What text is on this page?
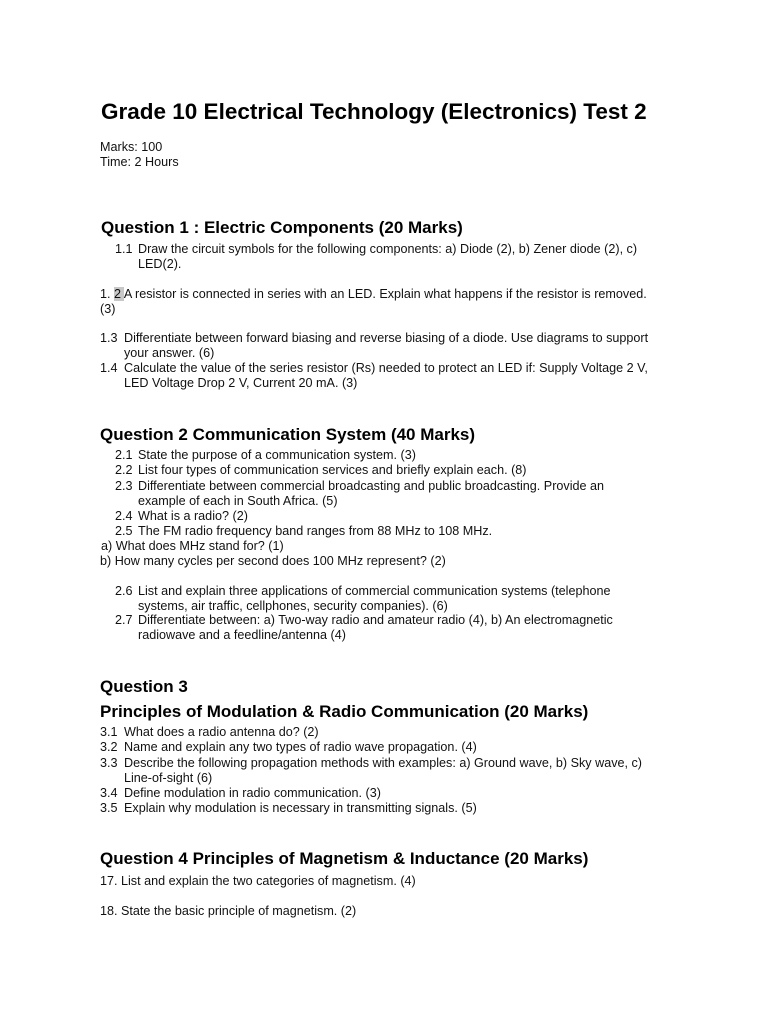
Grade 10 Electrical Technology (Electronics) Test 2
Marks: 100
Time: 2 Hours
Question 1 : Electric Components (20 Marks)
1.1 Draw the circuit symbols for the following components: a) Diode (2), b) Zener diode (2), c)
LED(2).
1. 2 A resistor is connected in series with an LED. Explain what happens if the resistor is removed.
(3)
1.3 Differentiate between forward biasing and reverse biasing of a diode. Use diagrams to support
your answer. (6)
1.4 Calculate the value of the series resistor (Rs) needed to protect an LED if: Supply Voltage 2 V,
LED Voltage Drop 2 V, Current 20 mA. (3)
Question 2 Communication System (40 Marks)
2.1 State the purpose of a communication system. (3)
2.2 List four types of communication services and briefly explain each. (8)
2.3 Differentiate between commercial broadcasting and public broadcasting. Provide an
example of each in South Africa. (5)
2.4 What is a radio? (2)
2.5 The FM radio frequency band ranges from 88 MHz to 108 MHz.
a) What does MHz stand for? (1)
b) How many cycles per second does 100 MHz represent? (2)
2.6 List and explain three applications of commercial communication systems (telephone
systems, air traffic, cellphones, security companies). (6)
2.7 Differentiate between: a) Two-way radio and amateur radio (4), b) An electromagnetic
radiowave and a feedline/antenna (4)
Question 3
Principles of Modulation & Radio Communication (20 Marks)
3.1 What does a radio antenna do? (2)
3.2 Name and explain any two types of radio wave propagation. (4)
3.3 Describe the following propagation methods with examples: a) Ground wave, b) Sky wave, c)
Line-of-sight (6)
3.4 Define modulation in radio communication. (3)
3.5 Explain why modulation is necessary in transmitting signals. (5)
Question 4 Principles of Magnetism & Inductance (20 Marks)
17. List and explain the two categories of magnetism. (4)
18. State the basic principle of magnetism. (2)
